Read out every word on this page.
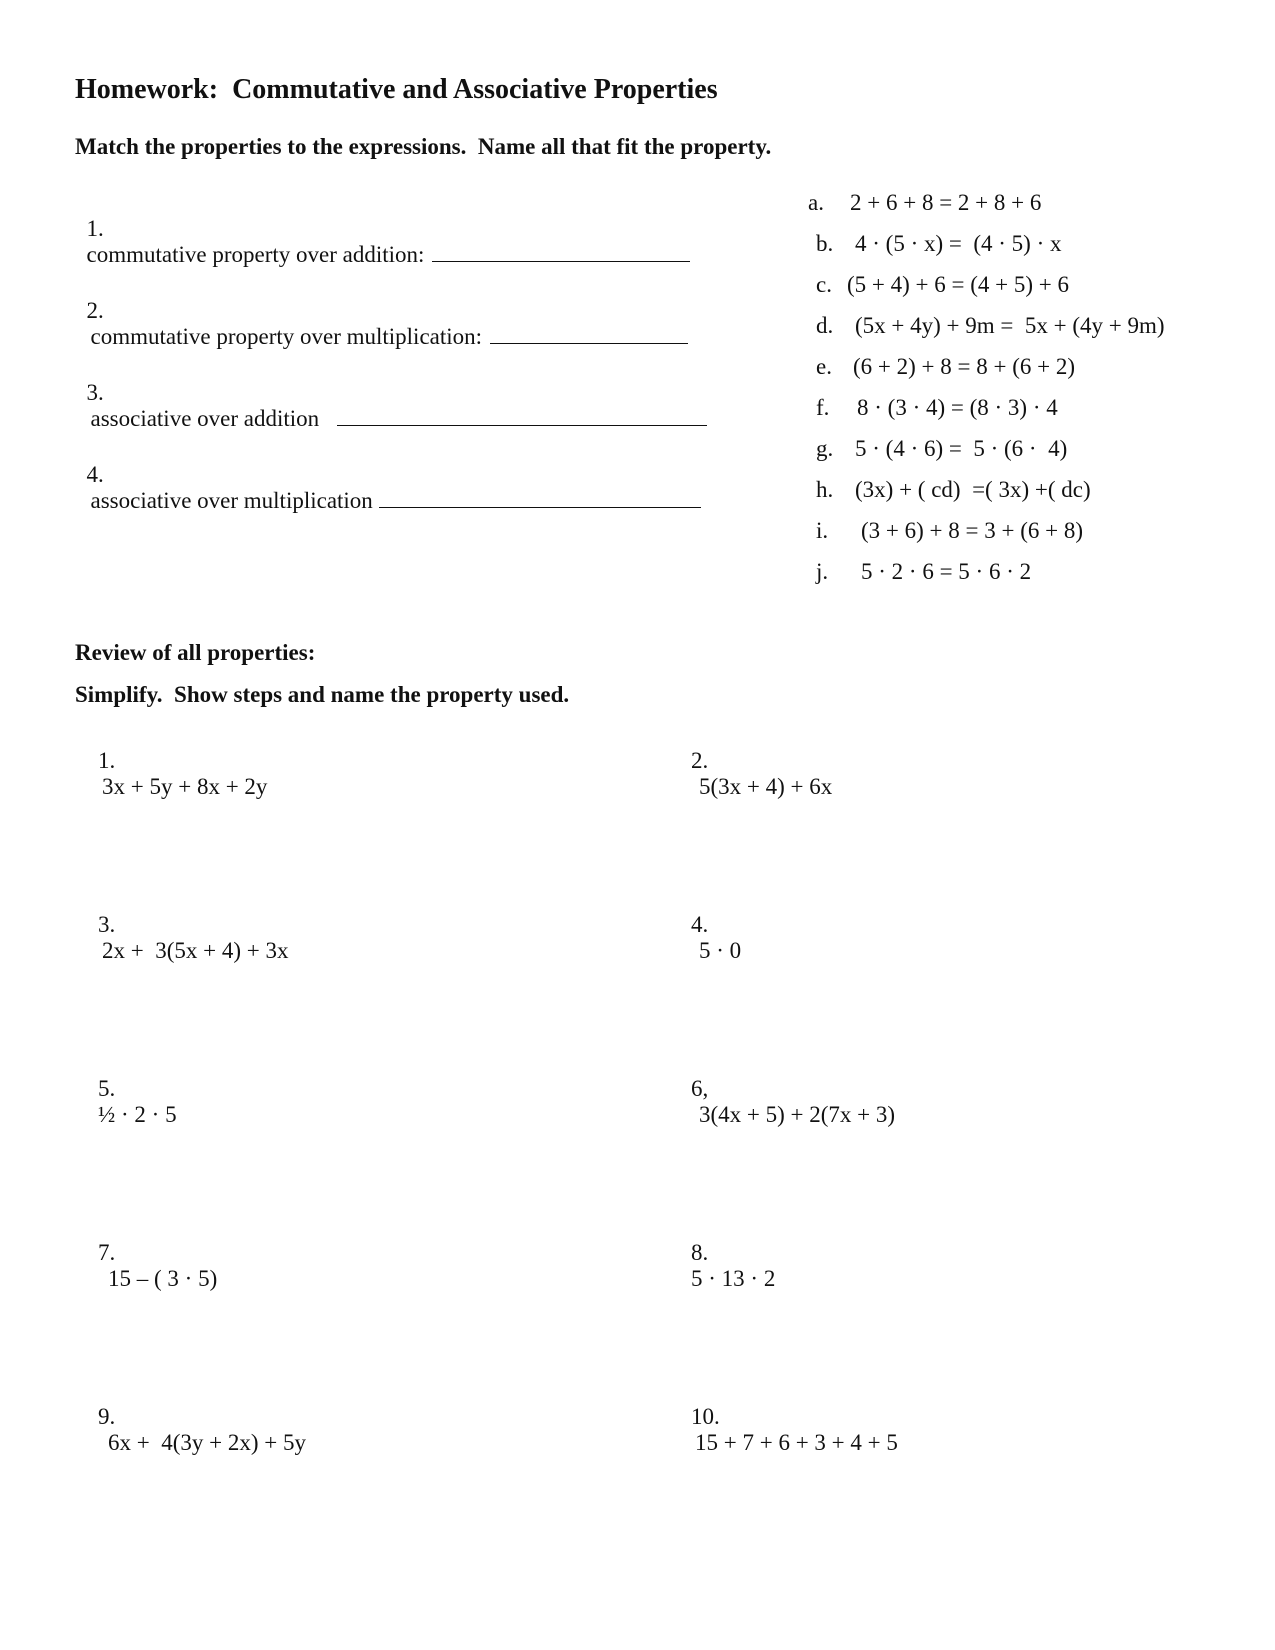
Homework:  Commutative and Associative Properties
Match the properties to the expressions.  Name all that fit the property.

1.
commutative property over addition:

2.
commutative property over multiplication:

3.
associative over addition

4.
associative over multiplication

a. 2 + 6 + 8 = 2 + 8 + 6
b. 4 · (5 · x) =  (4 · 5) · x
c. (5 + 4) + 6 = (4 + 5) + 6
d. (5x + 4y) + 9m =  5x + (4y + 9m)
e. (6 + 2) + 8 = 8 + (6 + 2)
f. 8 · (3 · 4) = (8 · 3) · 4
g. 5 · (4 · 6) =  5 · (6 ·  4)
h. (3x) + ( cd)  =( 3x) +( dc)
i. (3 + 6) + 8 = 3 + (6 + 8)
j. 5 · 2 · 6 = 5 · 6 · 2
Review of all properties:
Simplify.  Show steps and name the property used.

1.
3x + 5y + 8x + 2y

2.
5(3x + 4) + 6x

3.
2x +  3(5x + 4) + 3x

4.
5 · 0

5.
½ · 2 · 5

6,
3(4x + 5) + 2(7x + 3)

7.
15 – ( 3 · 5)

8.
5 · 13 · 2

9.
6x +  4(3y + 2x) + 5y

10.
15 + 7 + 6 + 3 + 4 + 5
